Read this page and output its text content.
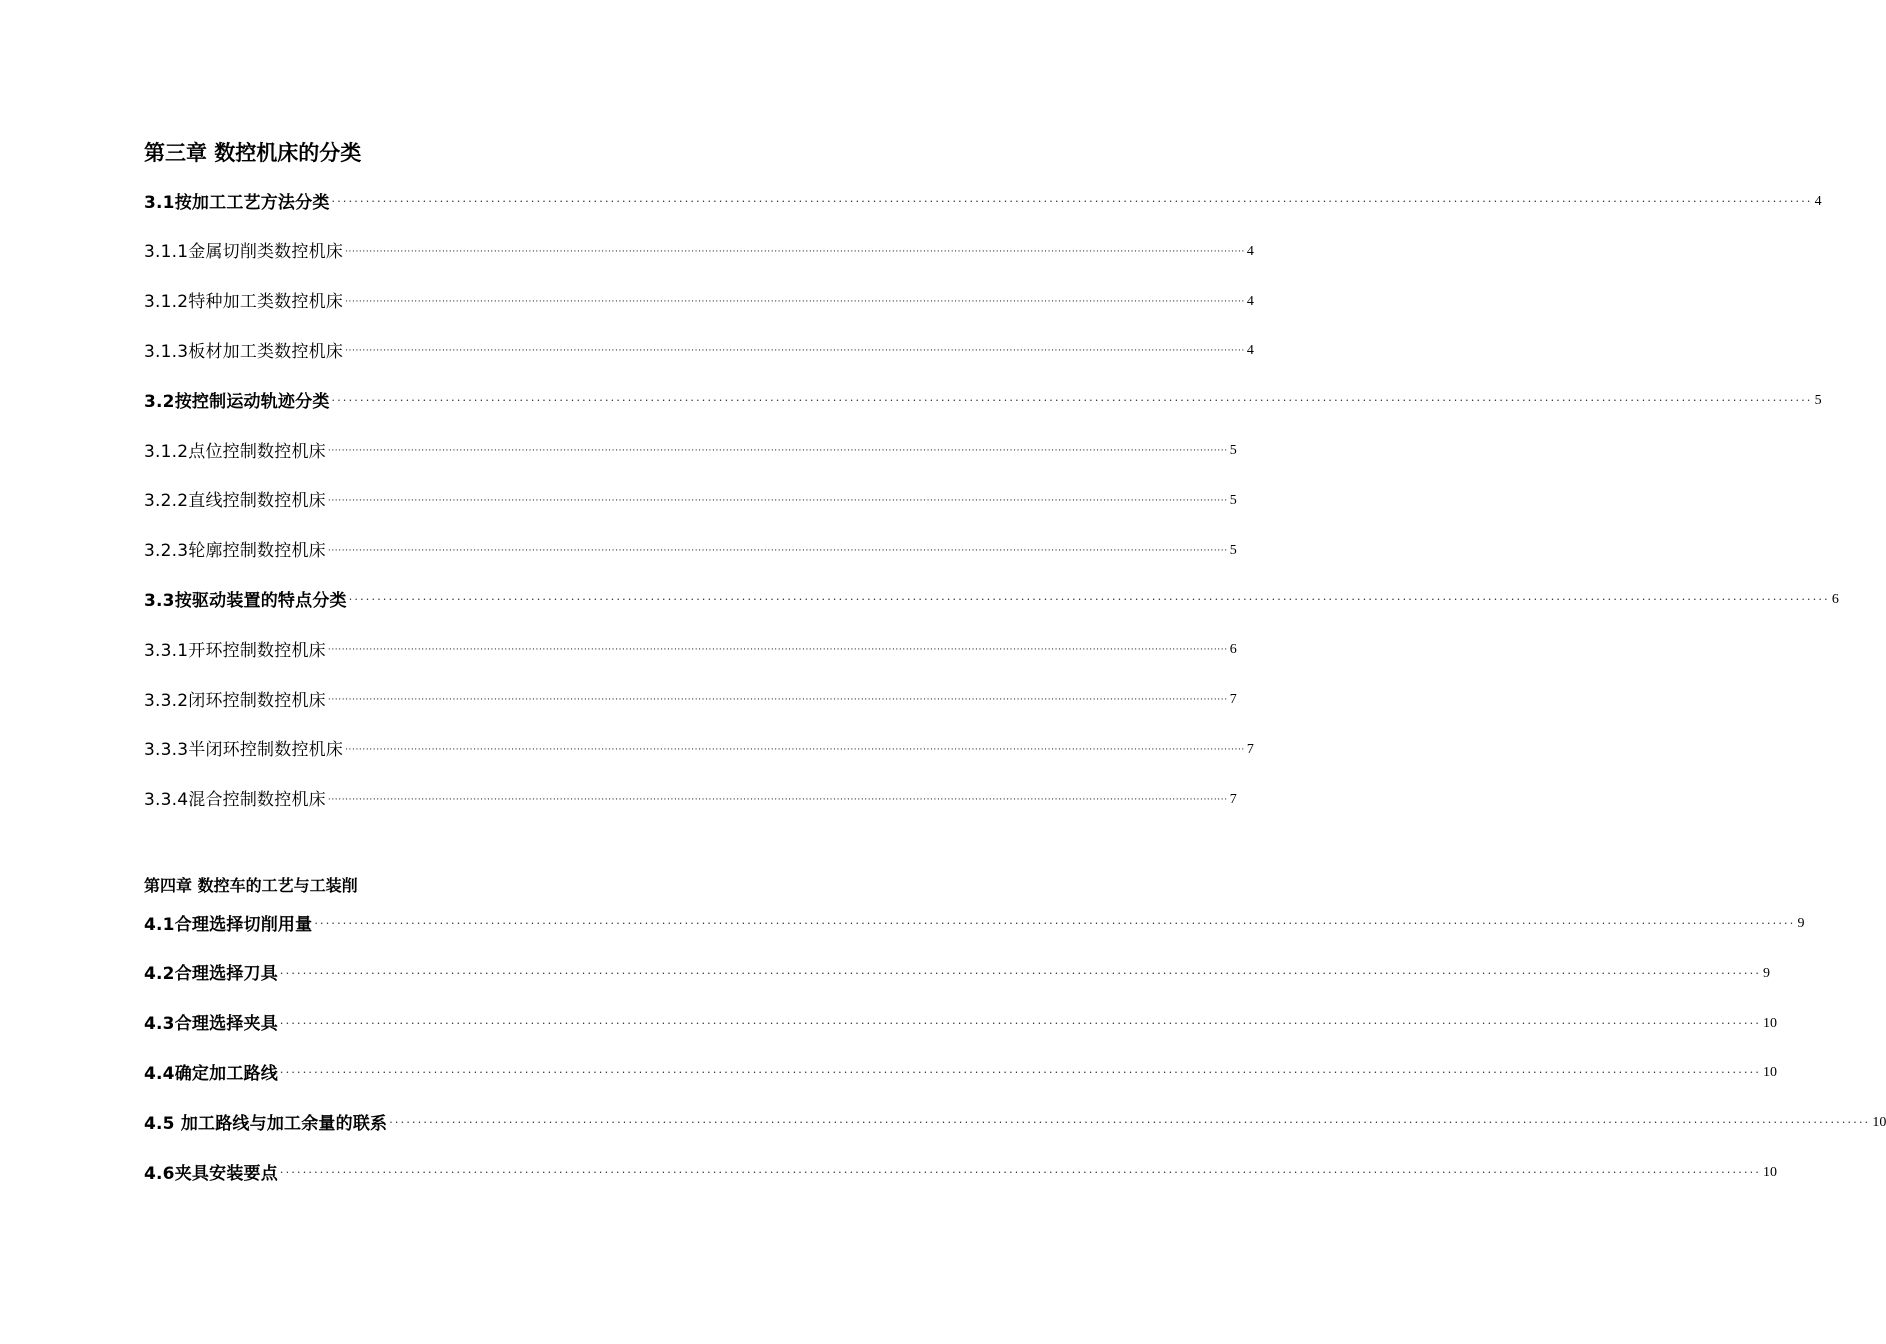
第三章 数控机床的分类
3.1按加工工艺方法分类 ···································································································································································································································································· 4
3.1.1金属切削类数控机床 ···································································································································································································································································· 4
3.1.2特种加工类数控机床 ···································································································································································································································································· 4
3.1.3板材加工类数控机床 ···································································································································································································································································· 4
3.2按控制运动轨迹分类 ···································································································································································································································································· 5
3.1.2点位控制数控机床 ···································································································································································································································································· 5
3.2.2直线控制数控机床 ···································································································································································································································································· 5
3.2.3轮廓控制数控机床 ···································································································································································································································································· 5
3.3按驱动装置的特点分类 ···································································································································································································································································· 6
3.3.1开环控制数控机床 ···································································································································································································································································· 6
3.3.2闭环控制数控机床 ···································································································································································································································································· 7
3.3.3半闭环控制数控机床 ···································································································································································································································································· 7
3.3.4混合控制数控机床 ···································································································································································································································································· 7
第四章 数控车的工艺与工装削
4.1合理选择切削用量 ···································································································································································································································································· 9
4.2合理选择刀具 ···································································································································································································································································· 9
4.3合理选择夹具 ···································································································································································································································································· 10
4.4确定加工路线 ···································································································································································································································································· 10
4.5 加工路线与加工余量的联系 ···································································································································································································································································· 10
4.6夹具安装要点 ···································································································································································································································································· 10
